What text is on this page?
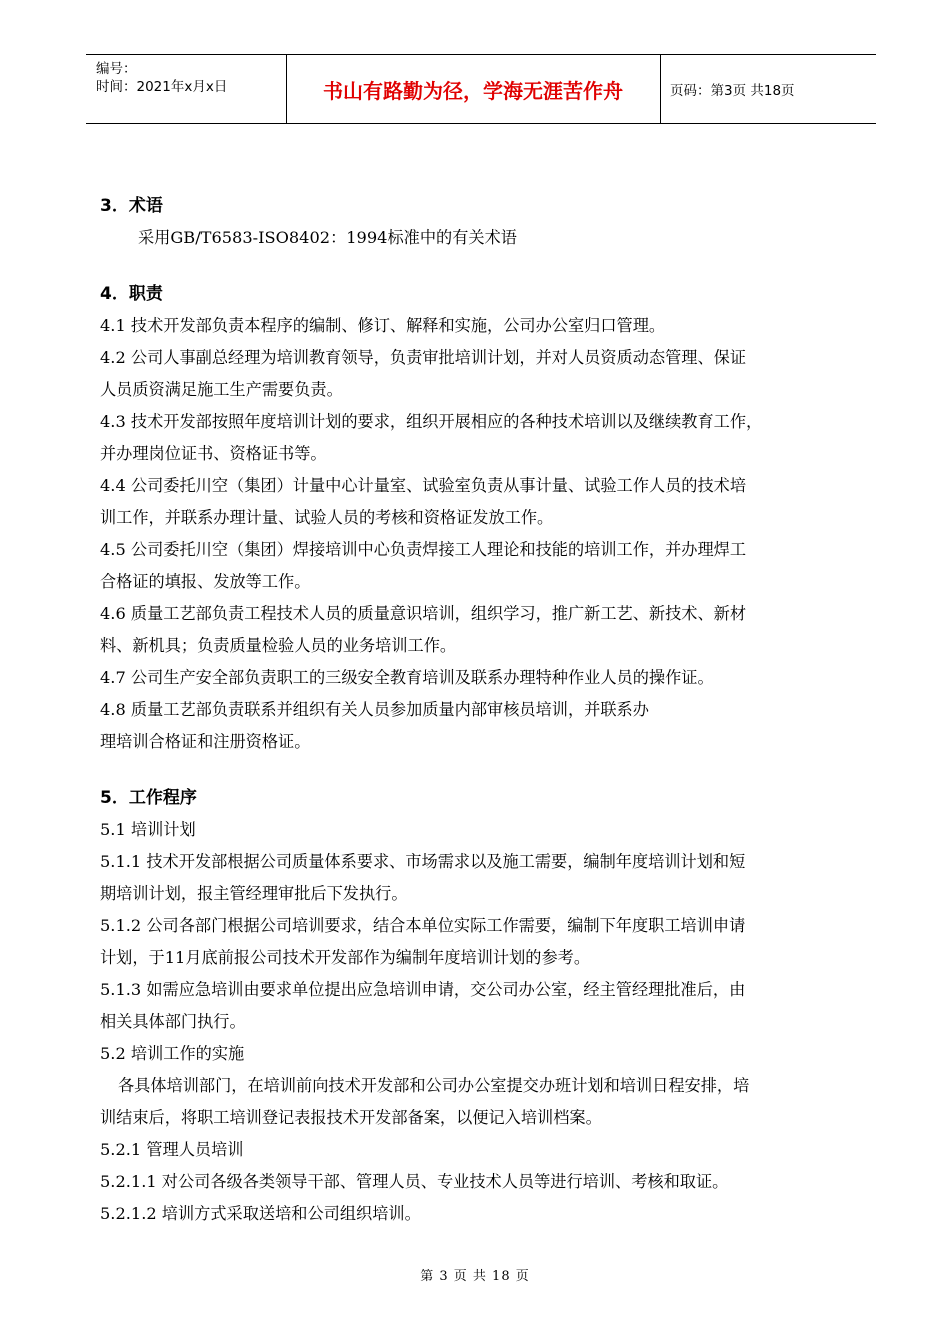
编号：
时间：2021年x月x日	书山有路勤为径，学海无涯苦作舟	页码：第3页 共18页
3．术语
采用GB/T6583-ISO8402：1994标准中的有关术语
4．职责
4.1 技术开发部负责本程序的编制、修订、解释和实施，公司办公室归口管理。
4.2 公司人事副总经理为培训教育领导，负责审批培训计划，并对人员资质动态管理、保证
人员质资满足施工生产需要负责。
4.3 技术开发部按照年度培训计划的要求，组织开展相应的各种技术培训以及继续教育工作，
并办理岗位证书、资格证书等。
4.4 公司委托川空（集团）计量中心计量室、试验室负责从事计量、试验工作人员的技术培
训工作，并联系办理计量、试验人员的考核和资格证发放工作。
4.5 公司委托川空（集团）焊接培训中心负责焊接工人理论和技能的培训工作，并办理焊工
合格证的填报、发放等工作。
4.6 质量工艺部负责工程技术人员的质量意识培训，组织学习，推广新工艺、新技术、新材
料、新机具；负责质量检验人员的业务培训工作。
4.7 公司生产安全部负责职工的三级安全教育培训及联系办理特种作业人员的操作证。
4.8 质量工艺部负责联系并组织有关人员参加质量内部审核员培训，并联系办
理培训合格证和注册资格证。
5．工作程序
5.1 培训计划
5.1.1 技术开发部根据公司质量体系要求、市场需求以及施工需要，编制年度培训计划和短
期培训计划，报主管经理审批后下发执行。
5.1.2 公司各部门根据公司培训要求，结合本单位实际工作需要，编制下年度职工培训申请
计划，于11月底前报公司技术开发部作为编制年度培训计划的参考。
5.1.3 如需应急培训由要求单位提出应急培训申请，交公司办公室，经主管经理批准后，由
相关具体部门执行。
5.2 培训工作的实施
各具体培训部门，在培训前向技术开发部和公司办公室提交办班计划和培训日程安排，培
训结束后，将职工培训登记表报技术开发部备案，以便记入培训档案。
5.2.1 管理人员培训
5.2.1.1 对公司各级各类领导干部、管理人员、专业技术人员等进行培训、考核和取证。
5.2.1.2 培训方式采取送培和公司组织培训。
第 3 页 共 18 页
